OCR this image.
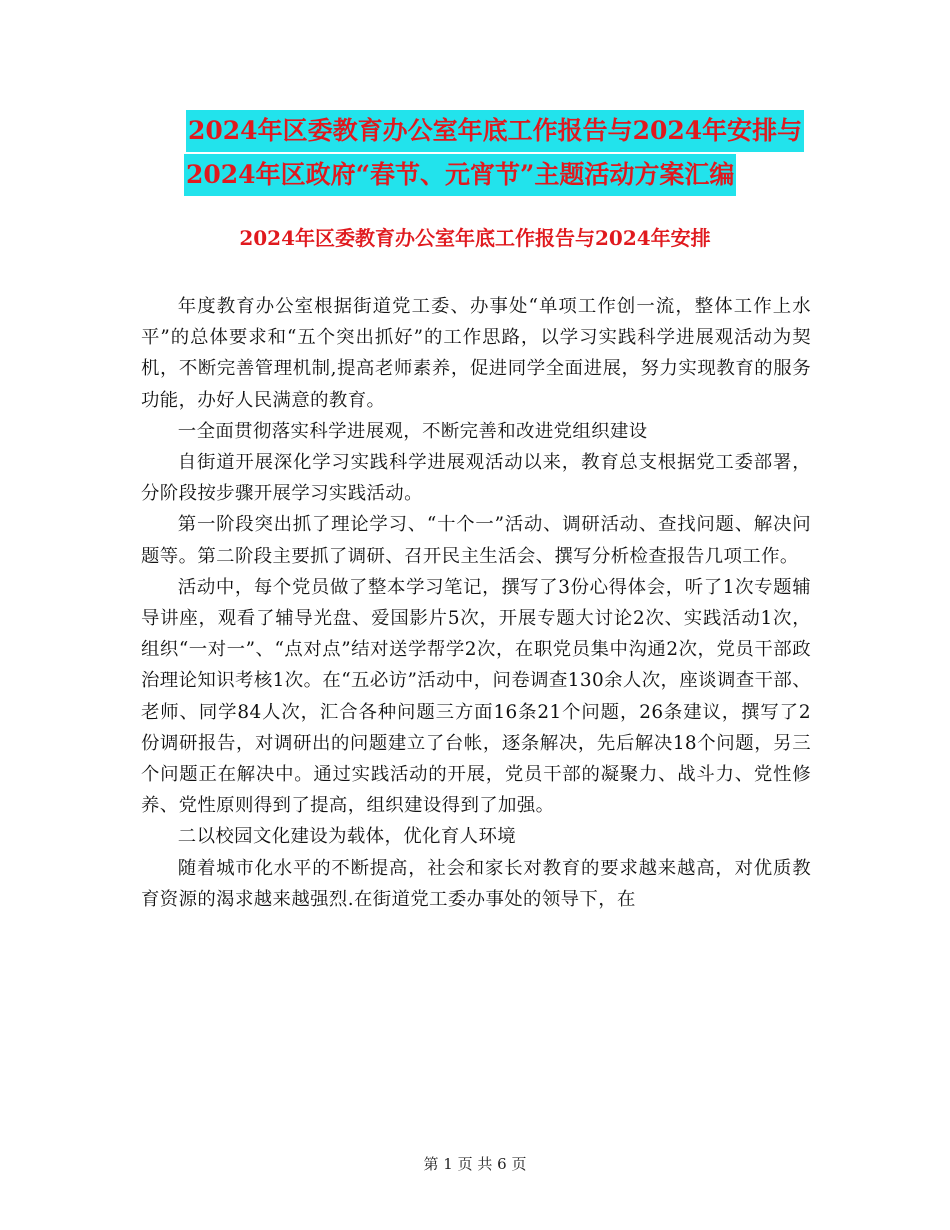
2024年区委教育办公室年底工作报告与2024年安排与
2024年区政府“春节、元宵节”主题活动方案汇编
2024年区委教育办公室年底工作报告与2024年安排

年度教育办公室根据街道党工委、办事处“单项工作创一流，整体工作上水平”的总体要求和“五个突出抓好”的工作思路，以学习实践科学进展观活动为契机，不断完善管理机制,提高老师素养，促进同学全面进展，努力实现教育的服务功能，办好人民满意的教育。

一全面贯彻落实科学进展观，不断完善和改进党组织建设

自街道开展深化学习实践科学进展观活动以来，教育总支根据党工委部署，分阶段按步骤开展学习实践活动。

第一阶段突出抓了理论学习、“十个一”活动、调研活动、查找问题、解决问题等。第二阶段主要抓了调研、召开民主生活会、撰写分析检查报告几项工作。

活动中，每个党员做了整本学习笔记，撰写了3份心得体会，听了1次专题辅导讲座，观看了辅导光盘、爱国影片5次，开展专题大讨论2次、实践活动1次，组织“一对一”、“点对点”结对送学帮学2次，在职党员集中沟通2次，党员干部政治理论知识考核1次。在“五必访”活动中，问卷调查130余人次，座谈调查干部、老师、同学84人次，汇合各种问题三方面16条21个问题，26条建议，撰写了2份调研报告，对调研出的问题建立了台帐，逐条解决，先后解决18个问题，另三个问题正在解决中。通过实践活动的开展，党员干部的凝聚力、战斗力、党性修养、党性原则得到了提高，组织建设得到了加强。

二以校园文化建设为载体，优化育人环境

随着城市化水平的不断提高，社会和家长对教育的要求越来越高，对优质教育资源的渴求越来越强烈.在街道党工委办事处的领导下，在

第 1 页 共 6 页
